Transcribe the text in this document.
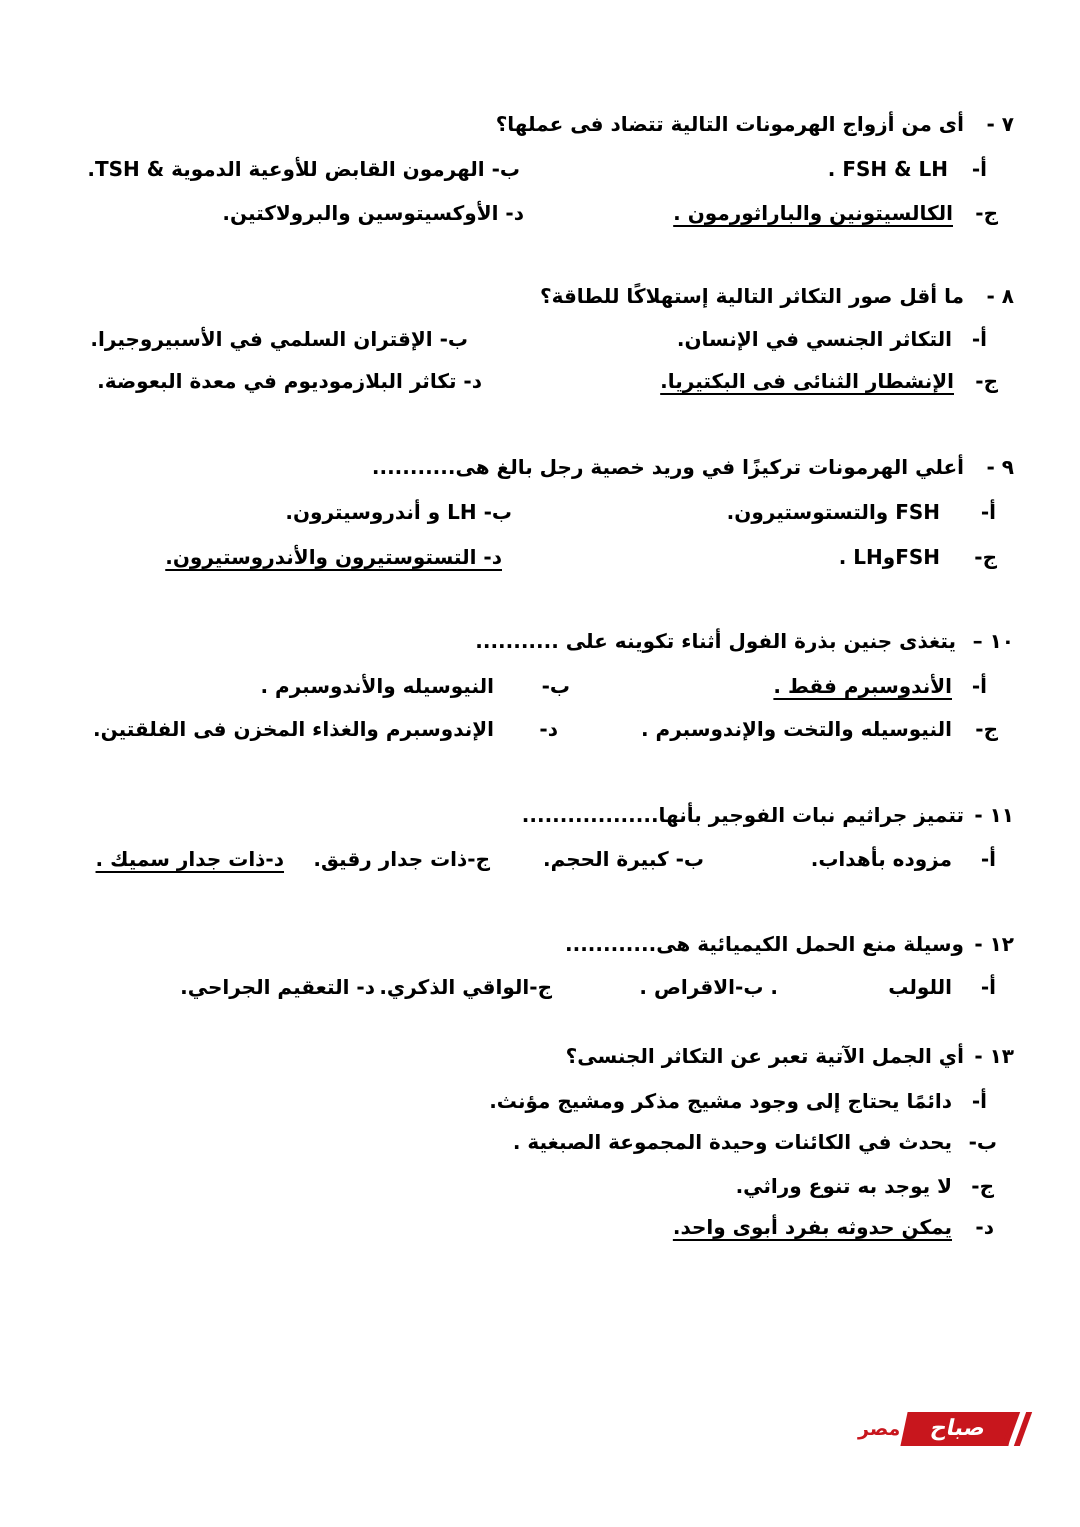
٧ -
أى من أزواج الهرمونات التالية تتضاد فى عملها؟
أ-
FSH & LH .
ب- الهرمون القابض للأوعية الدموية & TSH.
ج-
الكالسيتونين والباراثورمون .
د- الأوكسيتوسين والبرولاكتين.
٨ -
ما أقل صور التكاثر التالية إستهلاكًا للطاقة؟
أ-
التكاثر الجنسي في الإنسان.
ب- الإقتران السلمي في الأسبيروجيرا.
ج-
الإنشطار الثنائى فى البكتيريا.
د- تكاثر البلازموديوم في معدة البعوضة.
٩ -
أعلي الهرمونات تركيزًا في وريد خصية رجل بالغ هى...........
أ-
FSH والتستوستيرون.
ب- LH و أندروسيترون.
ج-
FSHوLH .
د- التستوستيرون والأندروستيرون.
١٠ –
يتغذى جنين بذرة الفول أثناء تكوينه على ...........
أ-
الأندوسبرم فقط .
ب-
النيوسيله والأندوسبرم .
ج-
النيوسيله والتخت والإندوسبرم .
د-
الإندوسبرم والغذاء المخزن فى الفلقتين.
١١ -
تتميز جراثيم نبات الفوجير بأنها..................
أ-
مزوده بأهداب.
ب- كبيرة الحجم.
ج-ذات جدار رقيق.
د-ذات جدار سميك .
١٢ -
وسيلة منع الحمل الكيميائية هى............
أ-
اللولب
. ب-الاقراص .
ج-الواقي الذكري.
د- التعقيم الجراحي.
١٣ -
أي الجمل الآتية تعبر عن التكاثر الجنسى؟
أ-
دائمًا يحتاج إلى وجود مشيج مذكر ومشيج مؤنث.
ب-
يحدث في الكائنات وحيدة المجموعة الصبغية .
ج-
لا يوجد به تنوع وراثي.
د-
يمكن حدوثه بفرد أبوى واحد.
مصر	صباح
